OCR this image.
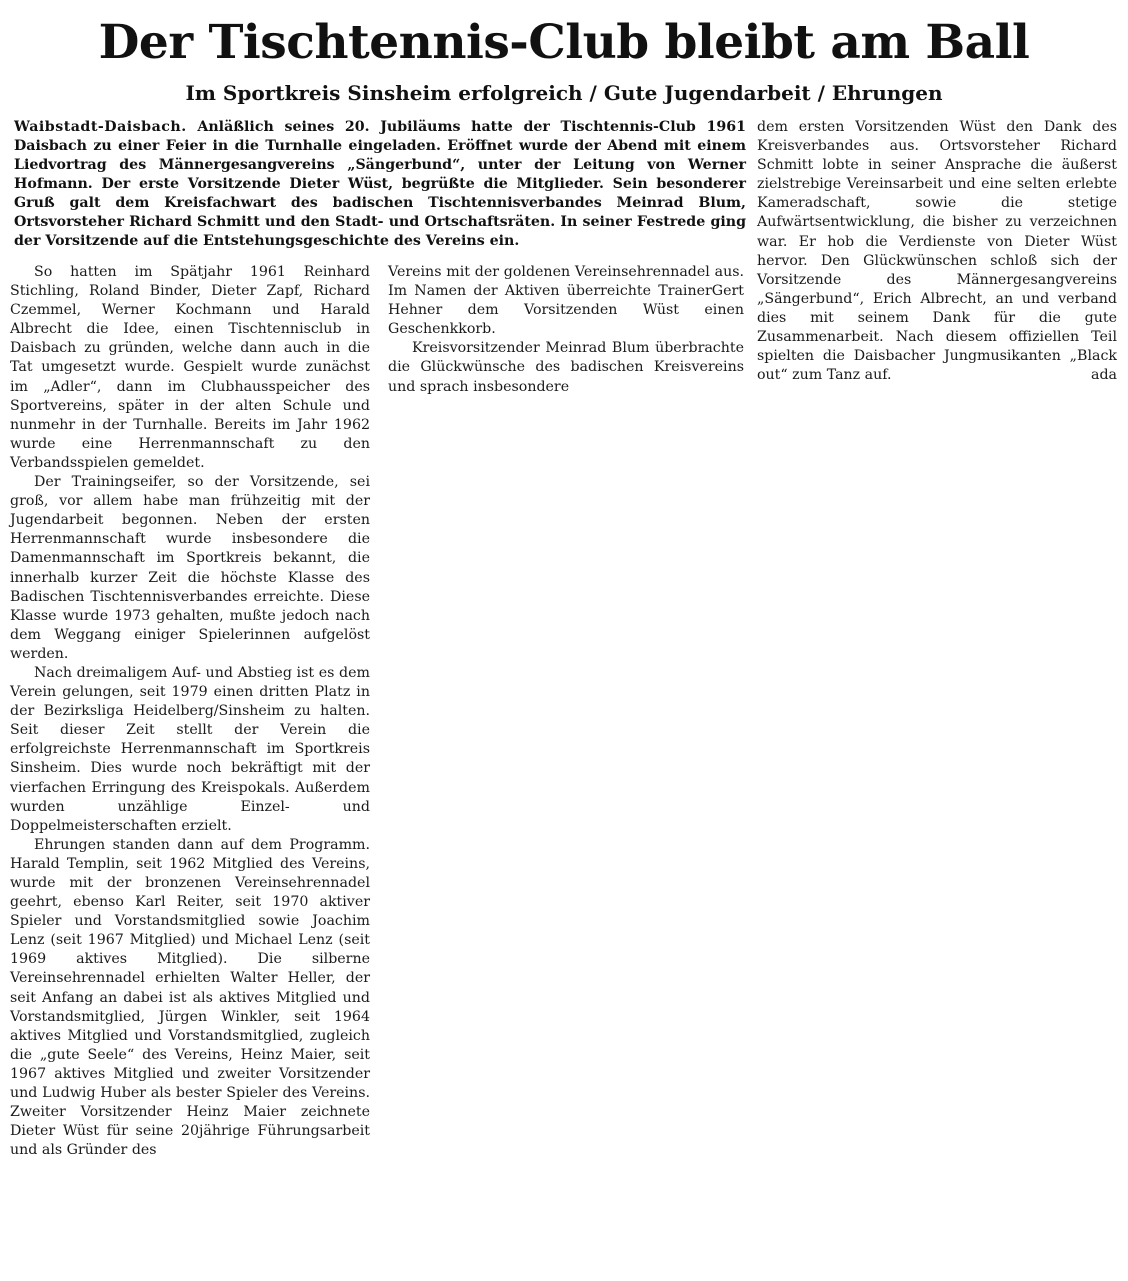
Der Tischtennis-Club bleibt am Ball
Im Sportkreis Sinsheim erfolgreich / Gute Jugendarbeit / Ehrungen

Waibstadt-Daisbach. Anläßlich seines 20. Jubiläums hatte der Tischtennis-Club 1961 Daisbach zu einer Feier in die Turnhalle eingeladen. Eröffnet wurde der Abend mit einem Liedvortrag des Männergesangvereins „Sängerbund“, unter der Leitung von Werner Hofmann. Der erste Vorsitzende Dieter Wüst, begrüßte die Mitglieder. Sein besonderer Gruß galt dem Kreisfachwart des badischen Tischtennisverbandes Meinrad Blum, Ortsvorsteher Richard Schmitt und den Stadt- und Ortschaftsräten. In seiner Festrede ging der Vorsitzende auf die Entstehungsgeschichte des Vereins ein.

So hatten im Spätjahr 1961 Reinhard Stichling, Roland Binder, Dieter Zapf, Richard Czemmel, Werner Kochmann und Harald Albrecht die Idee, einen Tischtennisclub in Daisbach zu gründen, welche dann auch in die Tat umgesetzt wurde. Gespielt wurde zunächst im „Adler“, dann im Clubhausspeicher des Sportvereins, später in der alten Schule und nunmehr in der Turnhalle. Bereits im Jahr 1962 wurde eine Herrenmannschaft zu den Verbandsspielen gemeldet.

Der Trainingseifer, so der Vorsitzende, sei groß, vor allem habe man frühzeitig mit der Jugendarbeit begonnen. Neben der ersten Herrenmannschaft wurde insbesondere die Damenmannschaft im Sportkreis bekannt, die innerhalb kurzer Zeit die höchste Klasse des Badischen Tischtennisverbandes erreichte. Diese Klasse wurde 1973 gehalten, mußte jedoch nach dem Weggang einiger Spielerinnen aufgelöst werden.

Nach dreimaligem Auf- und Abstieg ist es dem Verein gelungen, seit 1979 einen dritten Platz in der Bezirksliga Heidelberg/Sinsheim zu halten. Seit dieser Zeit stellt der Verein die erfolgreichste Herrenmannschaft im Sportkreis Sinsheim. Dies wurde noch bekräftigt mit der vierfachen Erringung des Kreispokals. Außerdem wurden unzählige Einzel- und Doppelmeisterschaften erzielt.

Ehrungen standen dann auf dem Programm. Harald Templin, seit 1962 Mitglied des Vereins, wurde mit der bronzenen Vereinsehrennadel geehrt, ebenso Karl Reiter, seit 1970 aktiver Spieler und Vorstandsmitglied sowie Joachim Lenz (seit 1967 Mitglied) und Michael Lenz (seit 1969 aktives Mitglied). Die silberne Vereinsehrennadel erhielten Walter Heller, der seit Anfang an dabei ist als aktives Mitglied und Vorstandsmitglied, Jürgen Winkler, seit 1964 aktives Mitglied und Vorstandsmitglied, zugleich die „gute Seele“ des Vereins, Heinz Maier, seit 1967 aktives Mitglied und zweiter Vorsitzender und Ludwig Huber als bester Spieler des Vereins. Zweiter Vorsitzender Heinz Maier zeichnete Dieter Wüst für seine 20jährige Führungsarbeit und als Gründer des

Vereins mit der goldenen Vereinsehrennadel aus. Im Namen der Aktiven überreichte TrainerGert Hehner dem Vorsitzenden Wüst einen Geschenkkorb.

Kreisvorsitzender Meinrad Blum überbrachte die Glückwünsche des badischen Kreisvereins und sprach insbesondere

dem ersten Vorsitzenden Wüst den Dank des Kreisverbandes aus. Ortsvorsteher Richard Schmitt lobte in seiner Ansprache die äußerst zielstrebige Vereinsarbeit und eine selten erlebte Kameradschaft, sowie die stetige Aufwärtsentwicklung, die bisher zu verzeichnen war. Er hob die Verdienste von Dieter Wüst hervor. Den Glückwünschen schloß sich der Vorsitzende des Männergesangvereins „Sängerbund“, Erich Albrecht, an und verband dies mit seinem Dank für die gute Zusammenarbeit. Nach diesem offiziellen Teil spielten die Daisbacher Jungmusikanten „Black out“ zum Tanz auf.	ada
